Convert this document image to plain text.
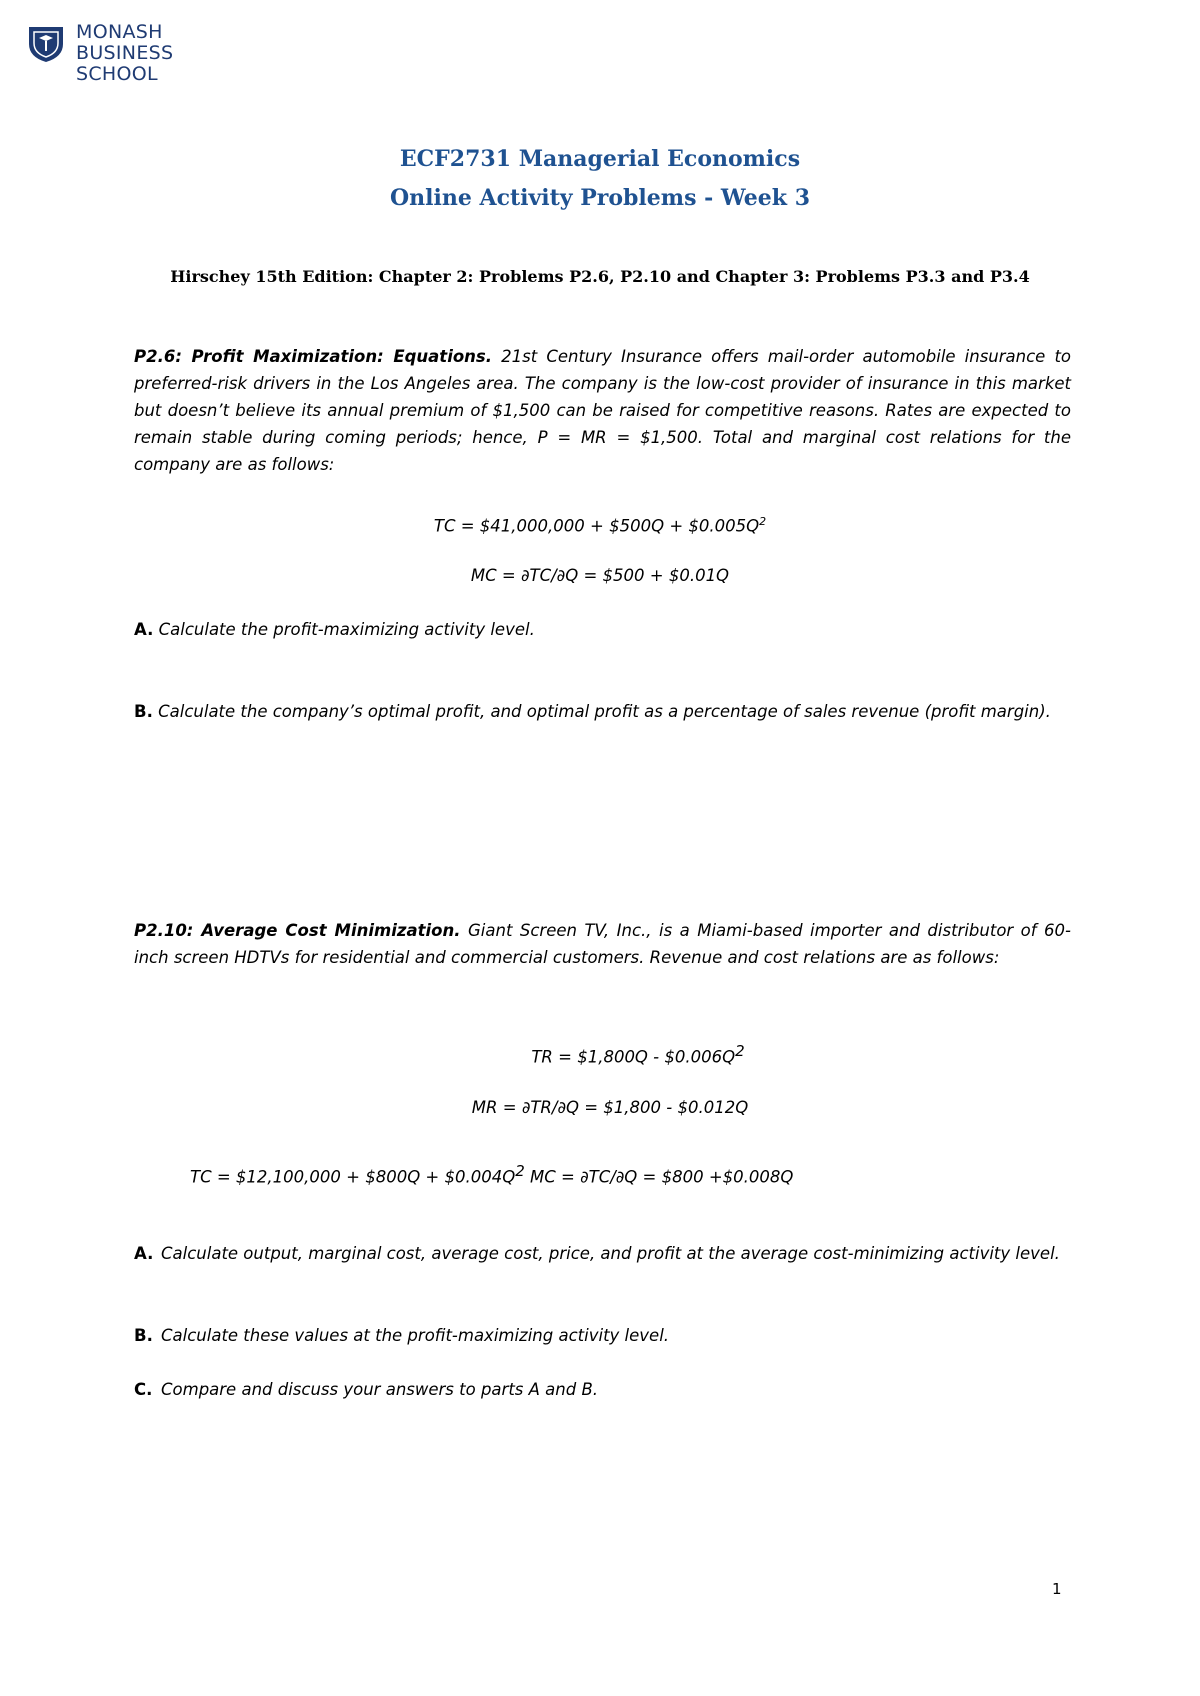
MONASH
BUSINESS
SCHOOL
ECF2731 Managerial Economics
Online Activity Problems - Week 3
Hirschey 15th Edition: Chapter 2: Problems P2.6, P2.10 and Chapter 3: Problems P3.3 and P3.4
P2.6: Profit Maximization: Equations. 21st Century Insurance offers mail-order automobile insurance to preferred-risk drivers in the Los Angeles area. The company is the low-cost provider of insurance in this market but doesn’t believe its annual premium of $1,500 can be raised for competitive reasons. Rates are expected to remain stable during coming periods; hence, P = MR = $1,500. Total and marginal cost relations for the company are as follows:
TC = $41,000,000 + $500Q + $\$0.005Q^2$
MC = ∂TC/∂Q = $500 + $0.01Q
A. Calculate the profit-maximizing activity level.
B. Calculate the company’s optimal profit, and optimal profit as a percentage of sales revenue (profit margin).
P2.10: Average Cost Minimization. Giant Screen TV, Inc., is a Miami-based importer and distributor of 60-inch screen HDTVs for residential and commercial customers. Revenue and cost relations are as follows:
TR = $1,800Q - $\$0.006Q^2$
MR = ∂TR/∂Q = $1,800 - $0.012Q
TC = $12,100,000 + $800Q + $\$0.004Q^2$ MC = ∂TC/∂Q = $800 +$0.008Q
A. Calculate output, marginal cost, average cost, price, and profit at the average cost-minimizing activity level.
B. Calculate these values at the profit-maximizing activity level.
C. Compare and discuss your answers to parts A and B.
1
